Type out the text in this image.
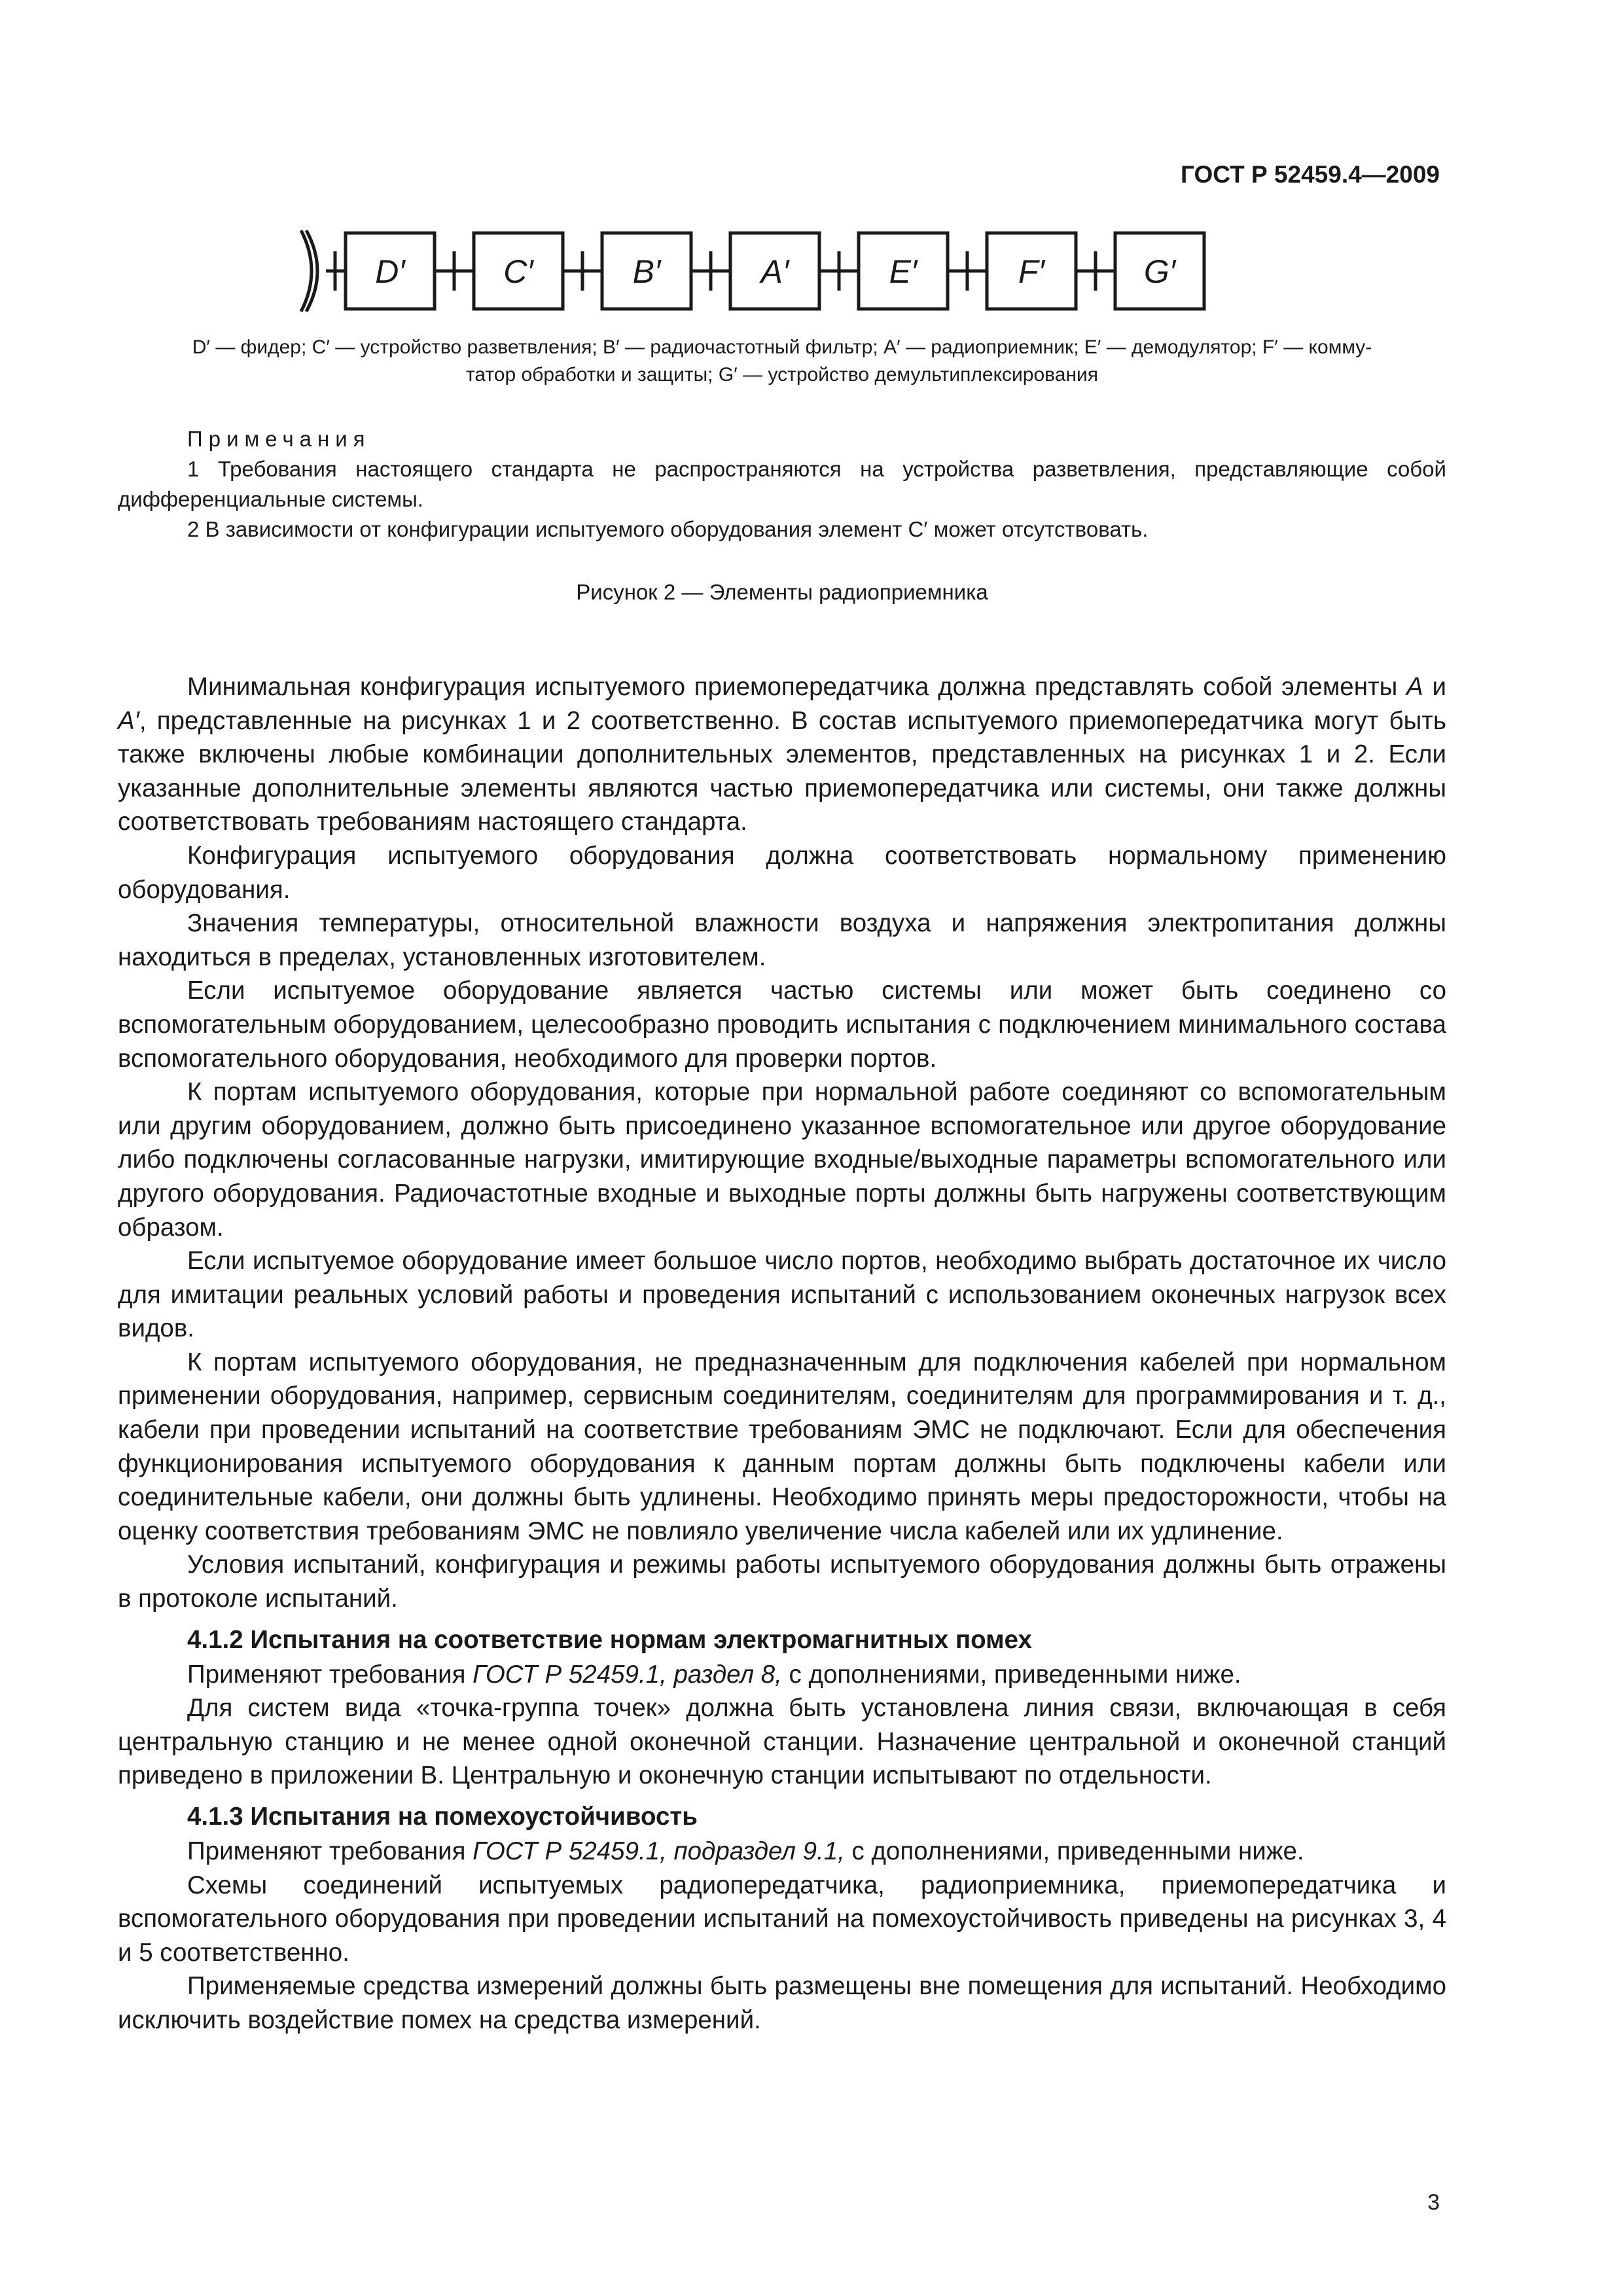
ГОСТ Р 52459.4—2009
D′	C′	B′	A′	E′	F′	G′
D′ — фидер; C′ — устройство разветвления; B′ — радиочастотный фильтр; A′ — радиоприемник; E′ — демодулятор; F′ — комму-
татор обработки и защиты; G′ — устройство демультиплексирования

Примечания

1 Требования настоящего стандарта не распространяются на устройства разветвления, представляющие собой дифференциальные системы.

2 В зависимости от конфигурации испытуемого оборудования элемент C′ может отсутствовать.

Рисунок 2 — Элементы радиоприемника

Минимальная конфигурация испытуемого приемопередатчика должна представлять собой элементы A и A′, представленные на рисунках 1 и 2 соответственно. В состав испытуемого приемопередатчика могут быть также включены любые комбинации дополнительных элементов, представленных на рисунках 1 и 2. Если указанные дополнительные элементы являются частью приемопередатчика или системы, они также должны соответствовать требованиям настоящего стандарта.

Конфигурация испытуемого оборудования должна соответствовать нормальному применению оборудования.

Значения температуры, относительной влажности воздуха и напряжения электропитания должны находиться в пределах, установленных изготовителем.

Если испытуемое оборудование является частью системы или может быть соединено со вспомогательным оборудованием, целесообразно проводить испытания с подключением минимального состава вспомогательного оборудования, необходимого для проверки портов.

К портам испытуемого оборудования, которые при нормальной работе соединяют со вспомогательным или другим оборудованием, должно быть присоединено указанное вспомогательное или другое оборудование либо подключены согласованные нагрузки, имитирующие входные/выходные параметры вспомогательного или другого оборудования. Радиочастотные входные и выходные порты должны быть нагружены соответствующим образом.

Если испытуемое оборудование имеет большое число портов, необходимо выбрать достаточное их число для имитации реальных условий работы и проведения испытаний с использованием оконечных нагрузок всех видов.

К портам испытуемого оборудования, не предназначенным для подключения кабелей при нормальном применении оборудования, например, сервисным соединителям, соединителям для программирования и т. д., кабели при проведении испытаний на соответствие требованиям ЭМС не подключают. Если для обеспечения функционирования испытуемого оборудования к данным портам должны быть подключены кабели или соединительные кабели, они должны быть удлинены. Необходимо принять меры предосторожности, чтобы на оценку соответствия требованиям ЭМС не повлияло увеличение числа кабелей или их удлинение.

Условия испытаний, конфигурация и режимы работы испытуемого оборудования должны быть отражены в протоколе испытаний.

4.1.2 Испытания на соответствие нормам электромагнитных помех

Применяют требования ГОСТ Р 52459.1, раздел 8, с дополнениями, приведенными ниже.

Для систем вида «точка-группа точек» должна быть установлена линия связи, включающая в себя центральную станцию и не менее одной оконечной станции. Назначение центральной и оконечной станций приведено в приложении В. Центральную и оконечную станции испытывают по отдельности.

4.1.3 Испытания на помехоустойчивость

Применяют требования ГОСТ Р 52459.1, подраздел 9.1, с дополнениями, приведенными ниже.

Схемы соединений испытуемых радиопередатчика, радиоприемника, приемопередатчика и вспомогательного оборудования при проведении испытаний на помехоустойчивость приведены на рисунках 3, 4 и 5 соответственно.

Применяемые средства измерений должны быть размещены вне помещения для испытаний. Необходимо исключить воздействие помех на средства измерений.

3
